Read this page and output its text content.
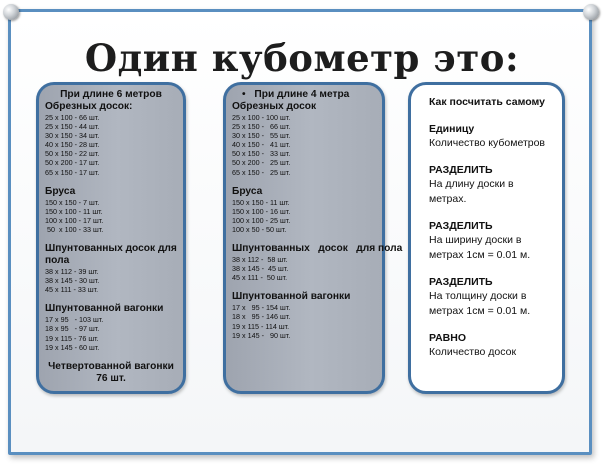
Один кубометр это:
При длине 6 метров
Обрезных досок:
25 x 100 - 66 шт.
25 x 150 - 44 шт.
30 x 150 - 34 шт.
40 x 150 - 28 шт.
50 x 150 - 22 шт.
50 x 200 - 17 шт.
65 x 150 - 17 шт.
Бруса
150 x 150 - 7 шт.
150 x 100 - 11 шт.
100 x 100 - 17 шт.
50  x 100 - 33 шт.
Шпунтованных досок для пола
38 x 112 - 39 шт.
38 x 145 - 30 шт.
45 x 111 - 33 шт.
Шпунтованной вагонки
17 x 95   - 103 шт.
18 x 95   - 97 шт.
19 x 115 - 76 шт.
19 x 145 - 60 шт.
Четвертованной вагонки
76 шт.
• При длине 4 метра
Обрезных досок
25 x 100 - 100 шт.
25 x 150 -   66 шт.
30 x 150 -   55 шт.
40 x 150 -   41 шт.
50 x 150 -   33 шт.
50 x 200 -   25 шт.
65 x 150 -   25 шт.
Бруса
150 x 150 - 11 шт.
150 x 100 - 16 шт.
100 x 100 - 25 шт.
100 x 50 - 50 шт.
Шпунтованных   досок   для пола
38 x 112 -  58 шт.
38 x 145 -  45 шт.
45 x 111 -  50 шт.
Шпунтованной вагонки
17 x   95 - 154 шт.
18 x   95 - 146 шт.
19 x 115 - 114 шт.
19 x 145 -   90 шт.
Как посчитать самому
Единицу
Количество кубометров
РАЗДЕЛИТЬ
На длину доски в
метрах.
РАЗДЕЛИТЬ
На ширину доски в
метрах 1см = 0.01 м.
РАЗДЕЛИТЬ
На толщину доски в
метрах 1см = 0.01 м.
РАВНО
Количество досок
